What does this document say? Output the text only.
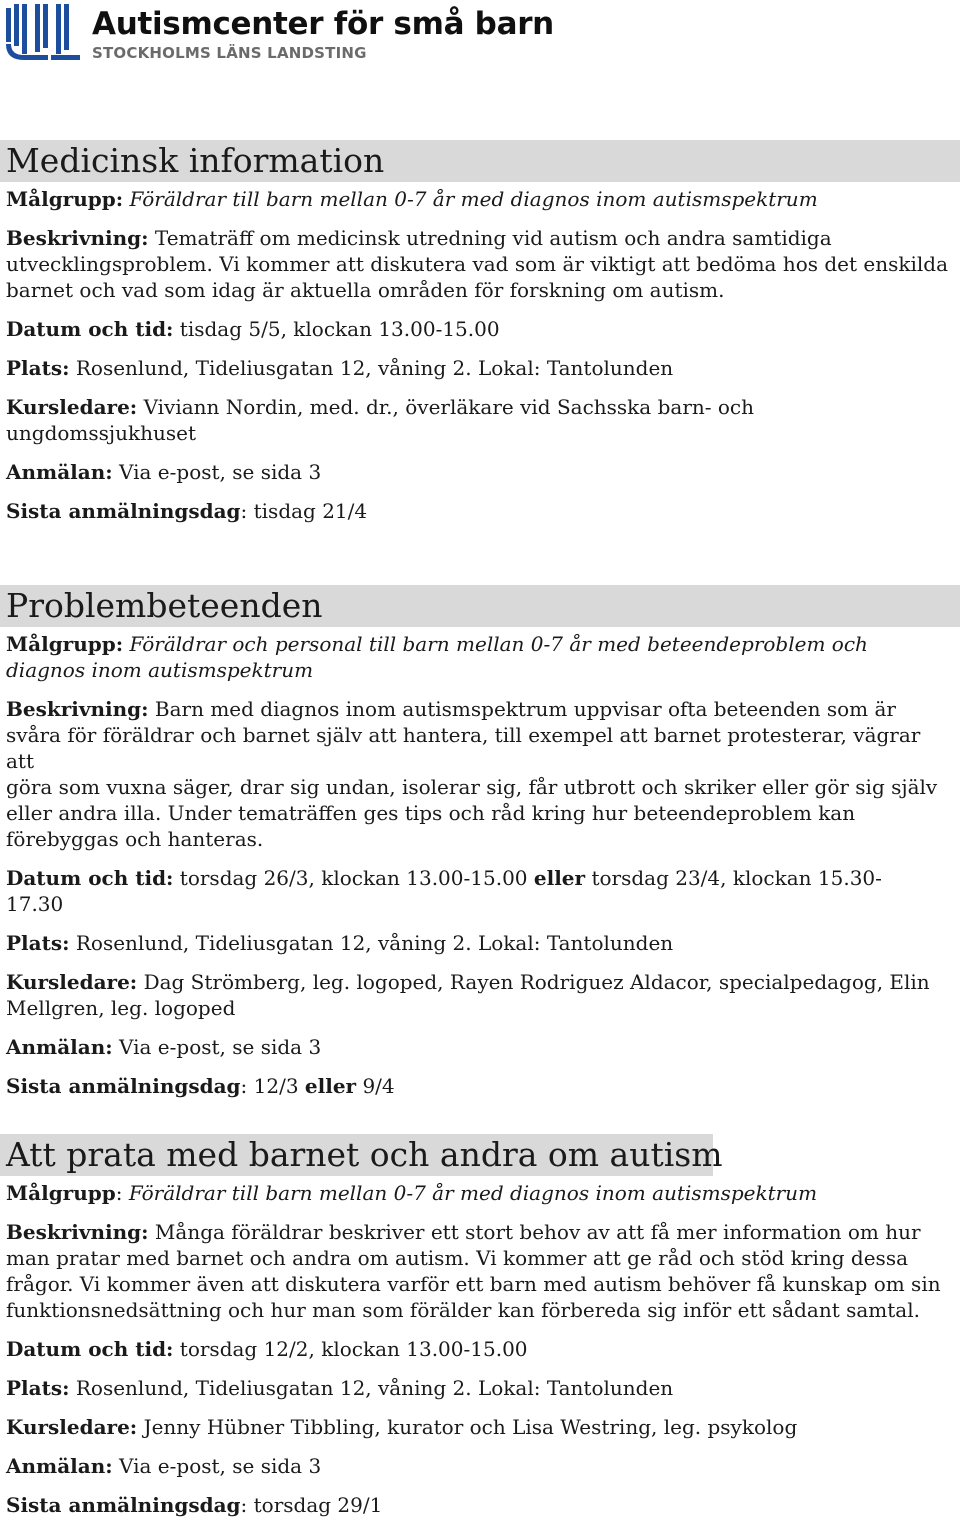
Autismcenter för små barn
STOCKHOLMS LÄNS LANDSTING
Medicinsk information

Målgrupp: Föräldrar till barn mellan 0-7 år med diagnos inom autismspektrum

Beskrivning: Tematräff om medicinsk utredning vid autism och andra samtidiga
utvecklingsproblem. Vi kommer att diskutera vad som är viktigt att bedöma hos det enskilda
barnet och vad som idag är aktuella områden för forskning om autism.

Datum och tid: tisdag 5/5, klockan 13.00-15.00

Plats: Rosenlund, Tideliusgatan 12, våning 2. Lokal: Tantolunden

Kursledare: Viviann Nordin, med. dr., överläkare vid Sachsska barn- och
ungdomssjukhuset

Anmälan: Via e-post, se sida 3

Sista anmälningsdag: tisdag 21/4

Problembeteenden

Målgrupp: Föräldrar och personal till barn mellan 0-7 år med beteendeproblem och
diagnos inom autismspektrum

Beskrivning: Barn med diagnos inom autismspektrum uppvisar ofta beteenden som är
svåra för föräldrar och barnet själv att hantera, till exempel att barnet protesterar, vägrar att
göra som vuxna säger, drar sig undan, isolerar sig, får utbrott och skriker eller gör sig själv
eller andra illa. Under tematräffen ges tips och råd kring hur beteendeproblem kan
förebyggas och hanteras.

Datum och tid: torsdag 26/3, klockan 13.00-15.00 eller torsdag 23/4, klockan 15.30-
17.30

Plats: Rosenlund, Tideliusgatan 12, våning 2. Lokal: Tantolunden

Kursledare: Dag Strömberg, leg. logoped, Rayen Rodriguez Aldacor, specialpedagog, Elin
Mellgren, leg. logoped

Anmälan: Via e-post, se sida 3

Sista anmälningsdag: 12/3 eller 9/4

Att prata med barnet och andra om autism

Målgrupp: Föräldrar till barn mellan 0-7 år med diagnos inom autismspektrum

Beskrivning: Många föräldrar beskriver ett stort behov av att få mer information om hur
man pratar med barnet och andra om autism. Vi kommer att ge råd och stöd kring dessa
frågor. Vi kommer även att diskutera varför ett barn med autism behöver få kunskap om sin
funktionsnedsättning och hur man som förälder kan förbereda sig inför ett sådant samtal.

Datum och tid: torsdag 12/2, klockan 13.00-15.00

Plats: Rosenlund, Tideliusgatan 12, våning 2. Lokal: Tantolunden

Kursledare: Jenny Hübner Tibbling, kurator och Lisa Westring, leg. psykolog

Anmälan: Via e-post, se sida 3

Sista anmälningsdag: torsdag 29/1
